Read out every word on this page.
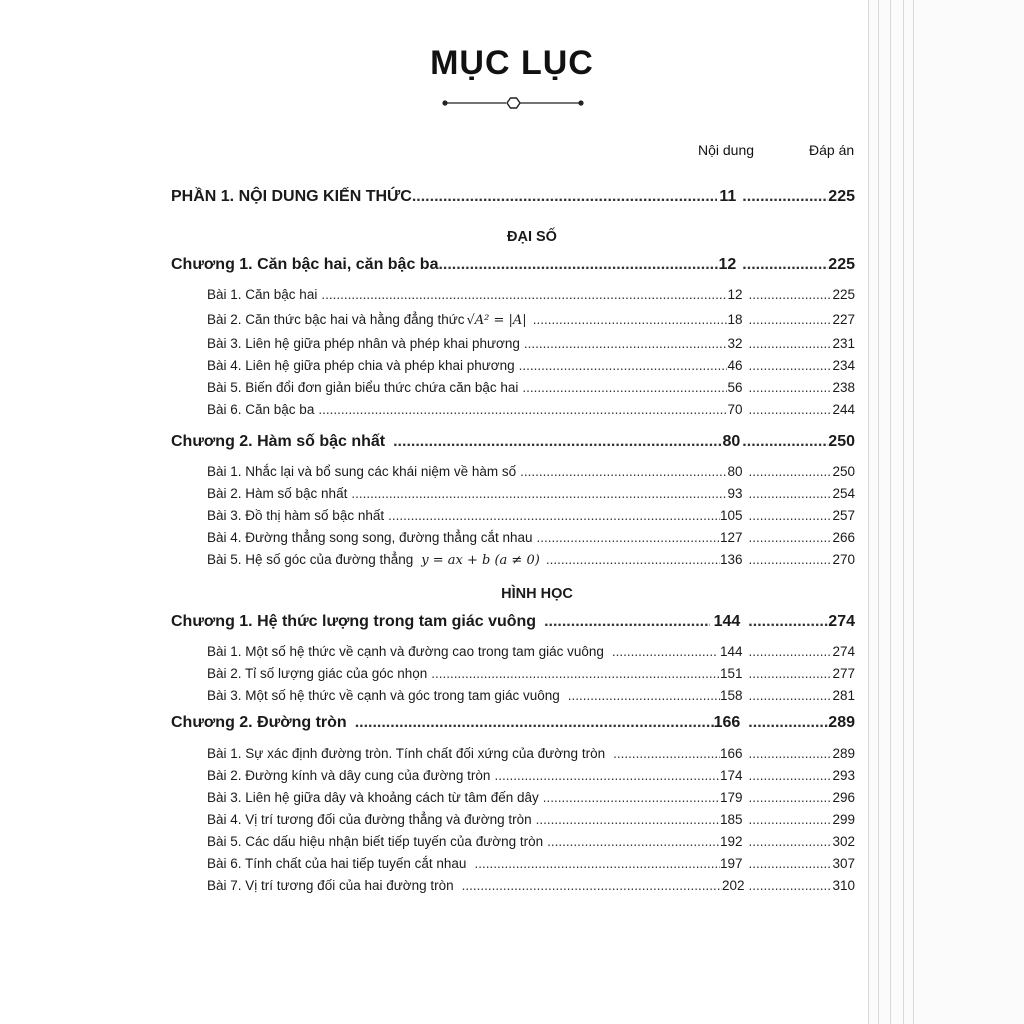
MỤC LỤC
Nội dung	Đáp án
PHẦN 1. NỘI DUNG KIẾN THỨC .....	11 .....	225
ĐẠI SỐ
Chương 1. Căn bậc hai, căn bậc ba .....	12 .....	225
Bài 1. Căn bậc hai .....	12 .....	225
Bài 2. Căn thức bậc hai và hằng đẳng thức √A² = |A| .....	18 .....	227
Bài 3. Liên hệ giữa phép nhân và phép khai phương .....	32 .....	231
Bài 4. Liên hệ giữa phép chia và phép khai phương .....	46 .....	234
Bài 5. Biến đổi đơn giản biểu thức chứa căn bậc hai .....	56 .....	238
Bài 6. Căn bậc ba .....	70 .....	244
Chương 2. Hàm số bậc nhất .....	80 .....	250
Bài 1. Nhắc lại và bổ sung các khái niệm về hàm số .....	80 .....	250
Bài 2. Hàm số bậc nhất .....	93 .....	254
Bài 3. Đồ thị hàm số bậc nhất .....	105 .....	257
Bài 4. Đường thẳng song song, đường thẳng cắt nhau .....	127 .....	266
Bài 5. Hệ số góc của đường thẳng y = ax + b (a ≠ 0) .....	136 .....	270
HÌNH HỌC
Chương 1. Hệ thức lượng trong tam giác vuông .....	144 .....	274
Bài 1. Một số hệ thức về cạnh và đường cao trong tam giác vuông .....	144 .....	274
Bài 2. Tỉ số lượng giác của góc nhọn .....	151 .....	277
Bài 3. Một số hệ thức về cạnh và góc trong tam giác vuông .....	158 .....	281
Chương 2. Đường tròn .....	166 .....	289
Bài 1. Sự xác định đường tròn. Tính chất đối xứng của đường tròn .....	166 .....	289
Bài 2. Đường kính và dây cung của đường tròn .....	174 .....	293
Bài 3. Liên hệ giữa dây và khoảng cách từ tâm đến dây .....	179 .....	296
Bài 4. Vị trí tương đối của đường thẳng và đường tròn .....	185 .....	299
Bài 5. Các dấu hiệu nhận biết tiếp tuyến của đường tròn .....	192 .....	302
Bài 6. Tính chất của hai tiếp tuyến cắt nhau .....	197 .....	307
Bài 7. Vị trí tương đối của hai đường tròn .....	202 .....	310
